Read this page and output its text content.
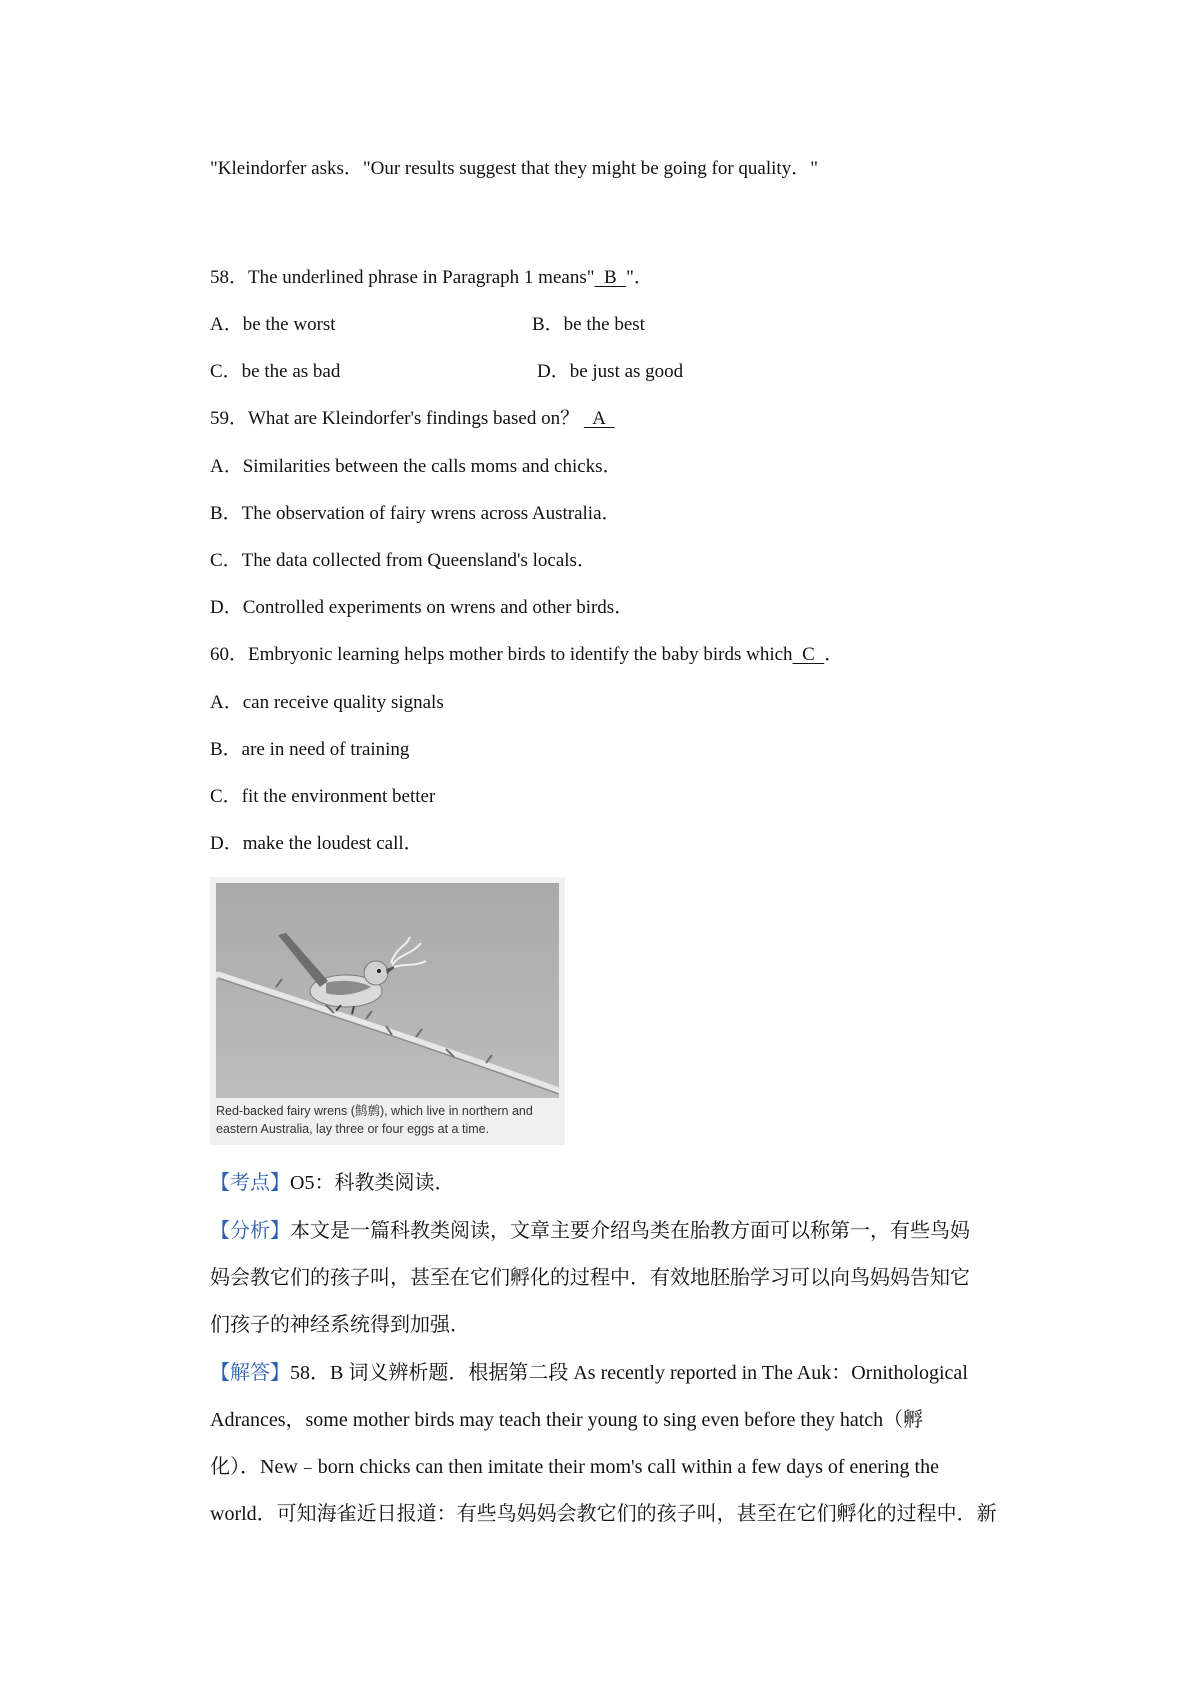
"Kleindorfer asks．"Our results suggest that they might be going for quality．"
58．The underlined phrase in Paragraph 1 means" B "．
A．be the worst	B．be the best
C．be the as bad	D．be just as good
59．What are Kleindorfer's findings based on？ A
A．Similarities between the calls moms and chicks．
B．The observation of fairy wrens across Australia．
C．The data collected from Queensland's locals．
D．Controlled experiments on wrens and other birds．
60．Embryonic learning helps mother birds to identify the baby birds which C ．
A．can receive quality signals
B．are in need of training
C．fit the environment better
D．make the loudest call．
Red-backed fairy wrens (鹪鹩), which live in northern and eastern Australia, lay three or four eggs at a time.
【考点】O5：科教类阅读．
【分析】本文是一篇科教类阅读，文章主要介绍鸟类在胎教方面可以称第一，有些鸟妈
妈会教它们的孩子叫，甚至在它们孵化的过程中．有效地胚胎学习可以向鸟妈妈告知它
们孩子的神经系统得到加强．
【解答】58．B 词义辨析题．根据第二段 As recently reported in The Auk：Ornithological
Adrances，some mother birds may teach their young to sing even before they hatch（孵
化）．New﹣born chicks can then imitate their mom's call within a few days of enering the
world．可知海雀近日报道：有些鸟妈妈会教它们的孩子叫，甚至在它们孵化的过程中．新
